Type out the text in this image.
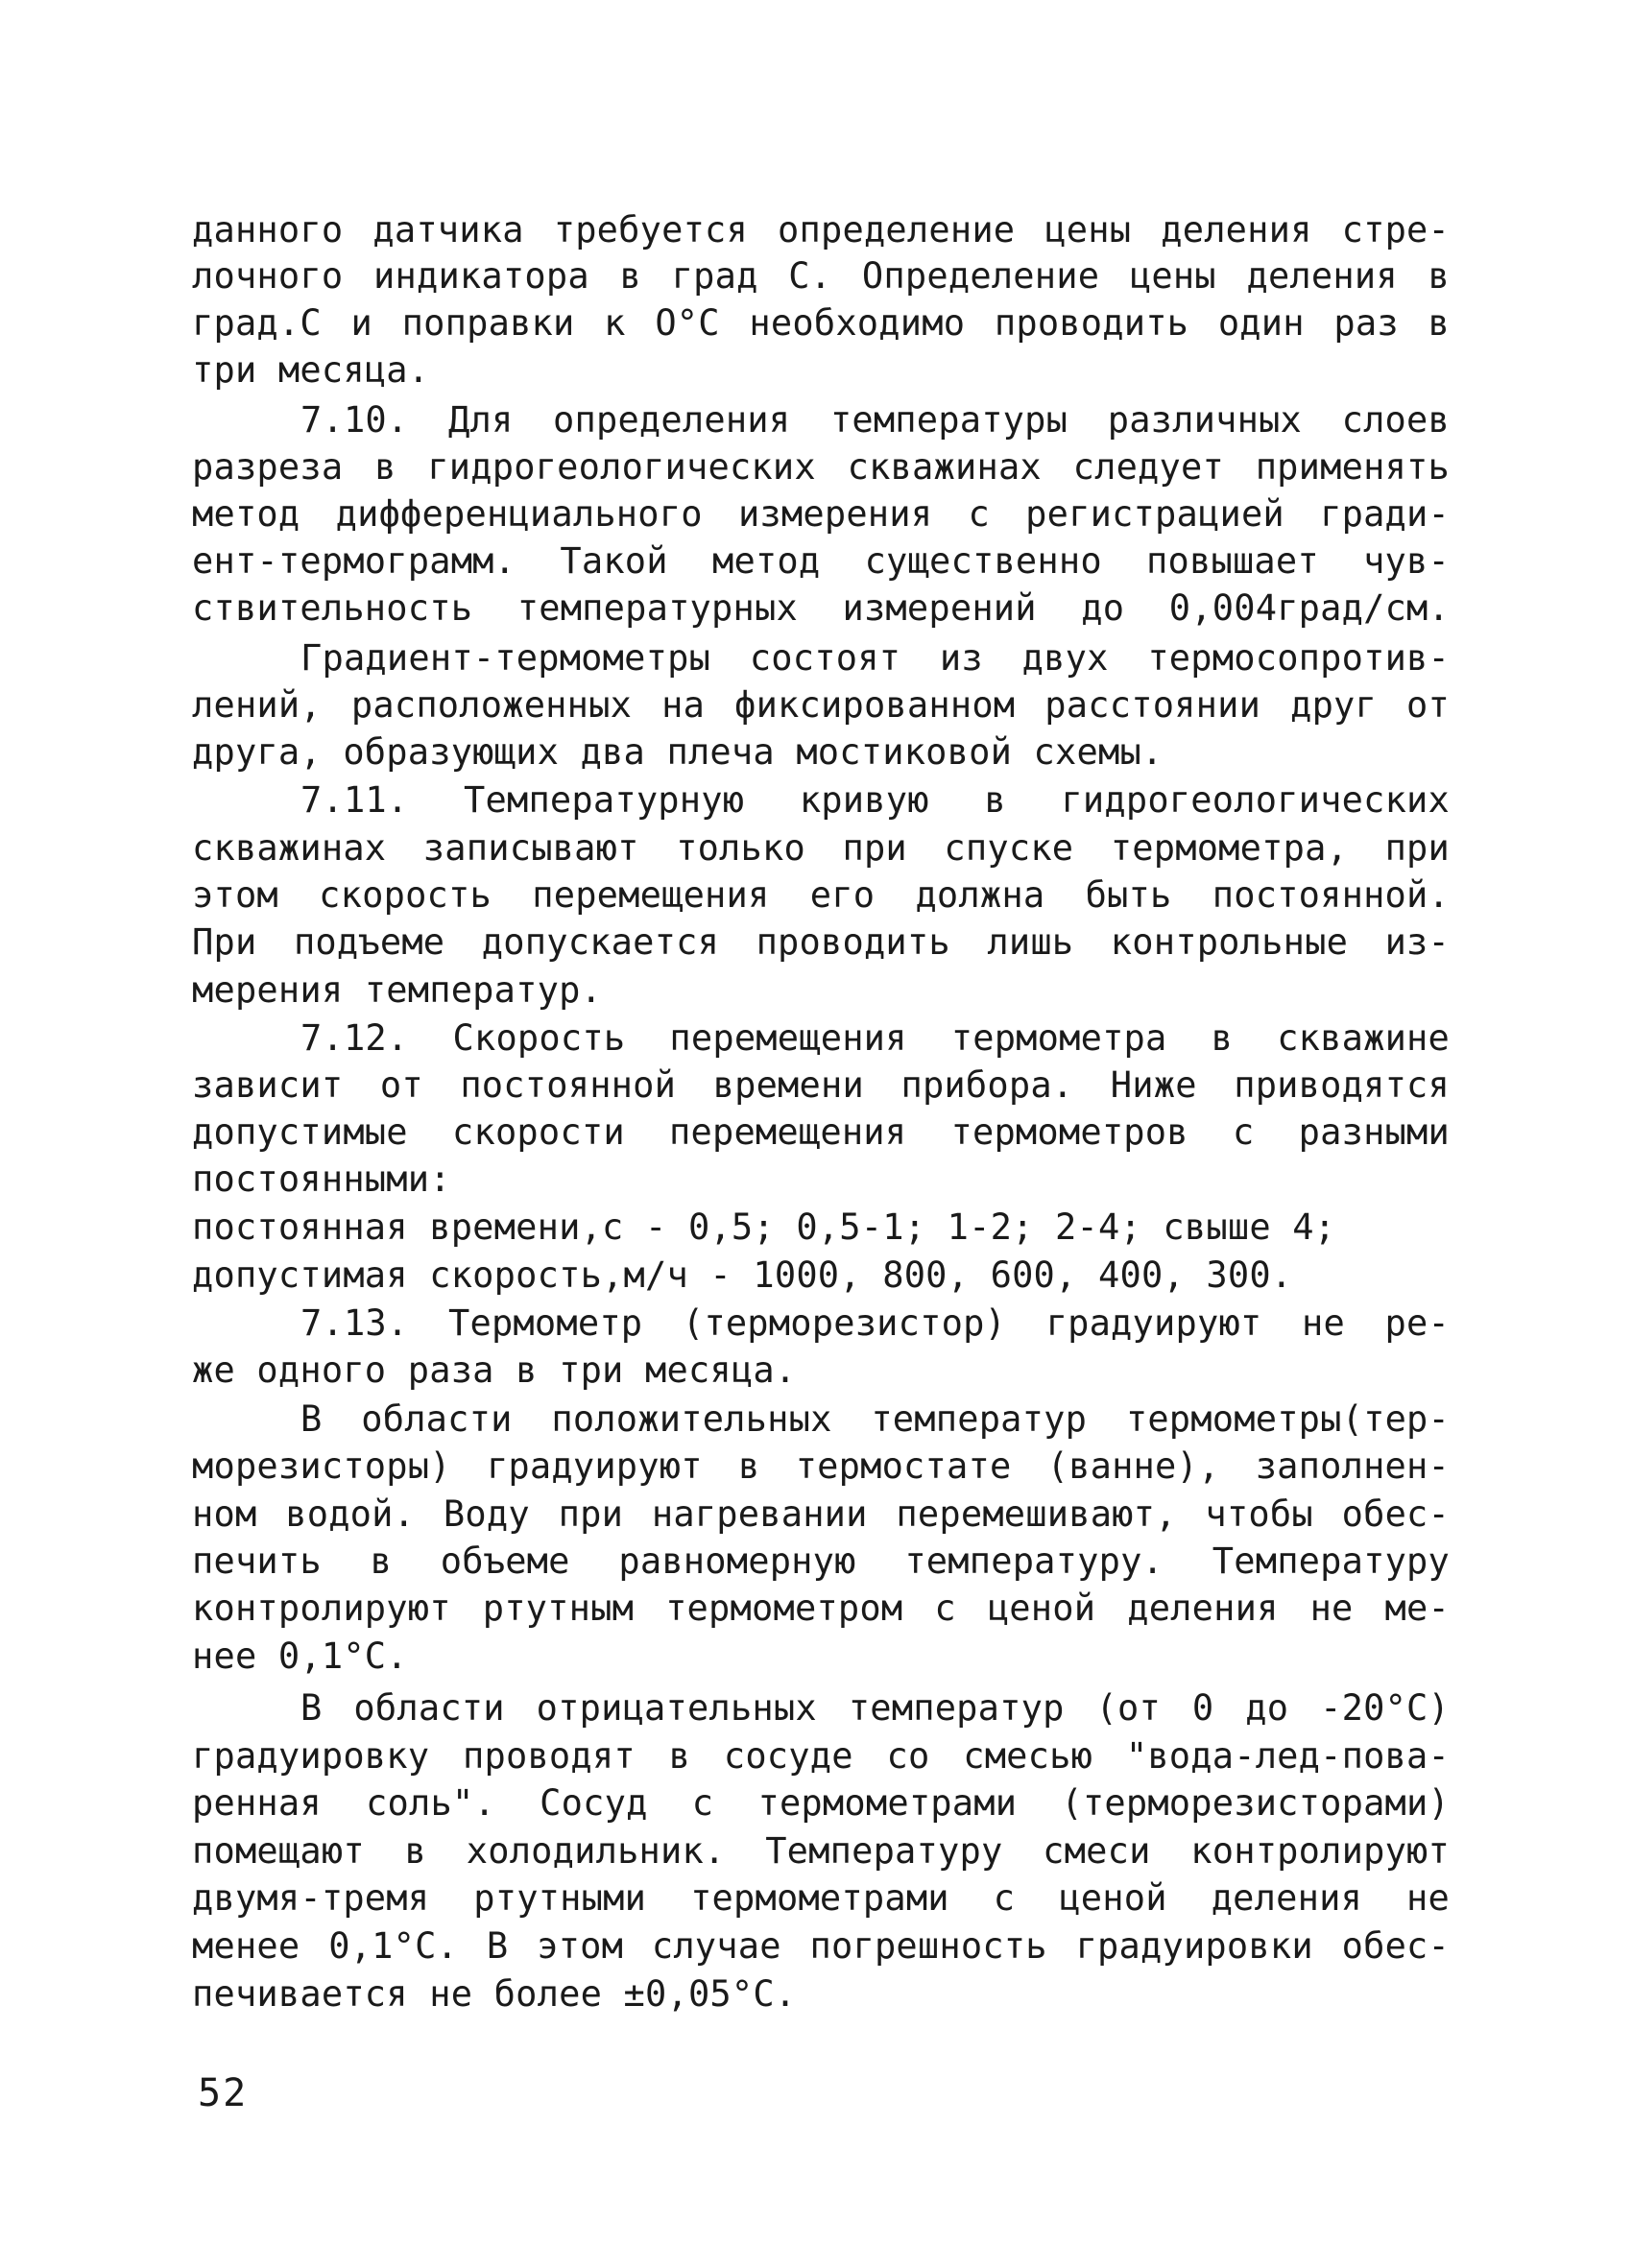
данного датчика требуется определение цены деления стре-
лочного индикатора в град С. Определение цены деления в
град.С и поправки к О°С необходимо проводить один раз в
три месяца.
7.10. Для определения температуры различных слоев
разреза в гидрогеологических скважинах следует применять
метод дифференциального измерения с регистрацией гради-
ент-термограмм. Такой метод существенно повышает чув-
ствительность температурных измерений до 0,004град/см.
Градиент-термометры состоят из двух термосопротив-
лений, расположенных на фиксированном расстоянии друг от
друга, образующих два плеча мостиковой схемы.
7.11. Температурную кривую в гидрогеологических
скважинах записывают только при спуске термометра, при
этом скорость перемещения его должна быть постоянной.
При подъеме допускается проводить лишь контрольные из-
мерения температур.
7.12. Скорость перемещения термометра в скважине
зависит от постоянной времени прибора. Ниже приводятся
допустимые скорости перемещения термометров с разными
постоянными:
постоянная времени,с - 0,5; 0,5-1; 1-2; 2-4; свыше 4;
допустимая скорость,м/ч - 1000, 800, 600, 400, 300.
7.13. Термометр (терморезистор) градуируют не ре-
же одного раза в три месяца.
В области положительных температур термометры(тер-
морезисторы) градуируют в термостате (ванне), заполнен-
ном водой. Воду при нагревании перемешивают, чтобы обес-
печить в объеме равномерную температуру. Температуру
контролируют ртутным термометром с ценой деления не ме-
нее 0,1°С.
В области отрицательных температур (от 0 до -20°С)
градуировку проводят в сосуде со смесью "вода-лед-пова-
ренная соль". Сосуд с термометрами (терморезисторами)
помещают в холодильник. Температуру смеси контролируют
двумя-тремя ртутными термометрами с ценой деления не
менее 0,1°С. В этом случае погрешность градуировки обес-
печивается не более ±0,05°С.
52
